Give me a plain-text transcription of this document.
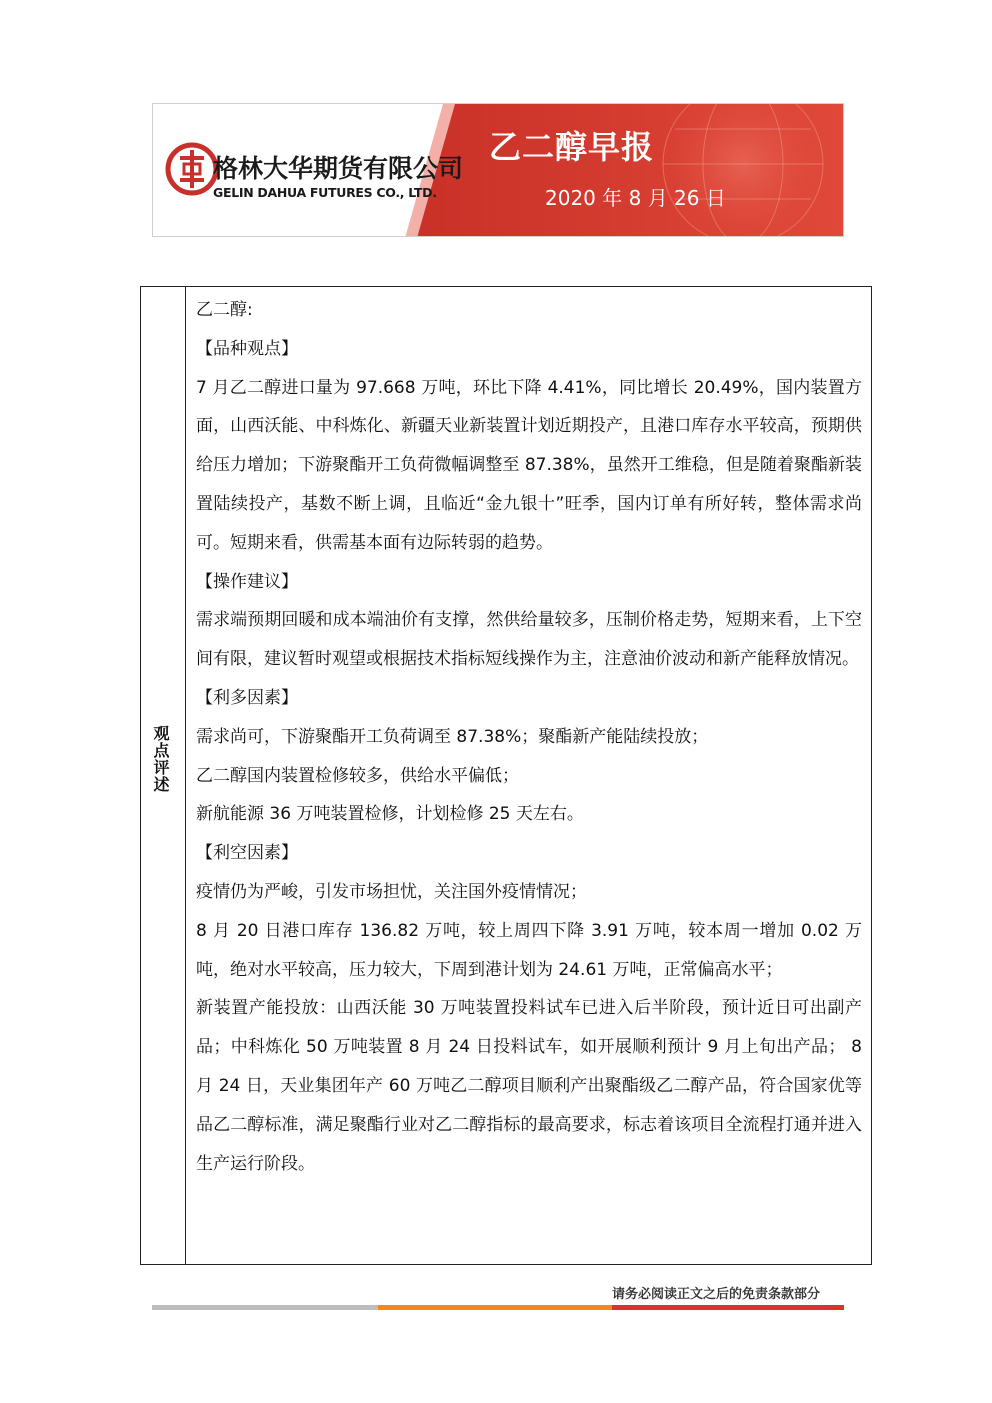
格林大华期货有限公司
GELIN DAHUA FUTURES CO., LTD.
乙二醇早报
2020 年 8 月 26 日
观点评述

乙二醇:

【品种观点】

7 月乙二醇进口量为 97.668 万吨，环比下降 4.41%，同比增长 20.49%，国内装置方面，山西沃能、中科炼化、新疆天业新装置计划近期投产，且港口库存水平较高，预期供给压力增加；下游聚酯开工负荷微幅调整至 87.38%，虽然开工维稳，但是随着聚酯新装置陆续投产，基数不断上调，且临近“金九银十”旺季，国内订单有所好转，整体需求尚可。短期来看，供需基本面有边际转弱的趋势。

【操作建议】

需求端预期回暖和成本端油价有支撑，然供给量较多，压制价格走势，短期来看，上下空间有限，建议暂时观望或根据技术指标短线操作为主，注意油价波动和新产能释放情况。

【利多因素】

需求尚可，下游聚酯开工负荷调至 87.38%；聚酯新产能陆续投放；

乙二醇国内装置检修较多，供给水平偏低；

新航能源 36 万吨装置检修，计划检修 25 天左右。

【利空因素】

疫情仍为严峻，引发市场担忧，关注国外疫情情况；

8 月 20 日港口库存 136.82 万吨，较上周四下降 3.91 万吨，较本周一增加 0.02 万吨，绝对水平较高，压力较大，下周到港计划为 24.61 万吨，正常偏高水平；

新装置产能投放：山西沃能 30 万吨装置投料试车已进入后半阶段，预计近日可出副产品；中科炼化 50 万吨装置 8 月 24 日投料试车，如开展顺利预计 9 月上旬出产品； 8 月 24 日，天业集团年产 60 万吨乙二醇项目顺利产出聚酯级乙二醇产品，符合国家优等品乙二醇标准，满足聚酯行业对乙二醇指标的最高要求，标志着该项目全流程打通并进入生产运行阶段。

请务必阅读正文之后的免责条款部分
